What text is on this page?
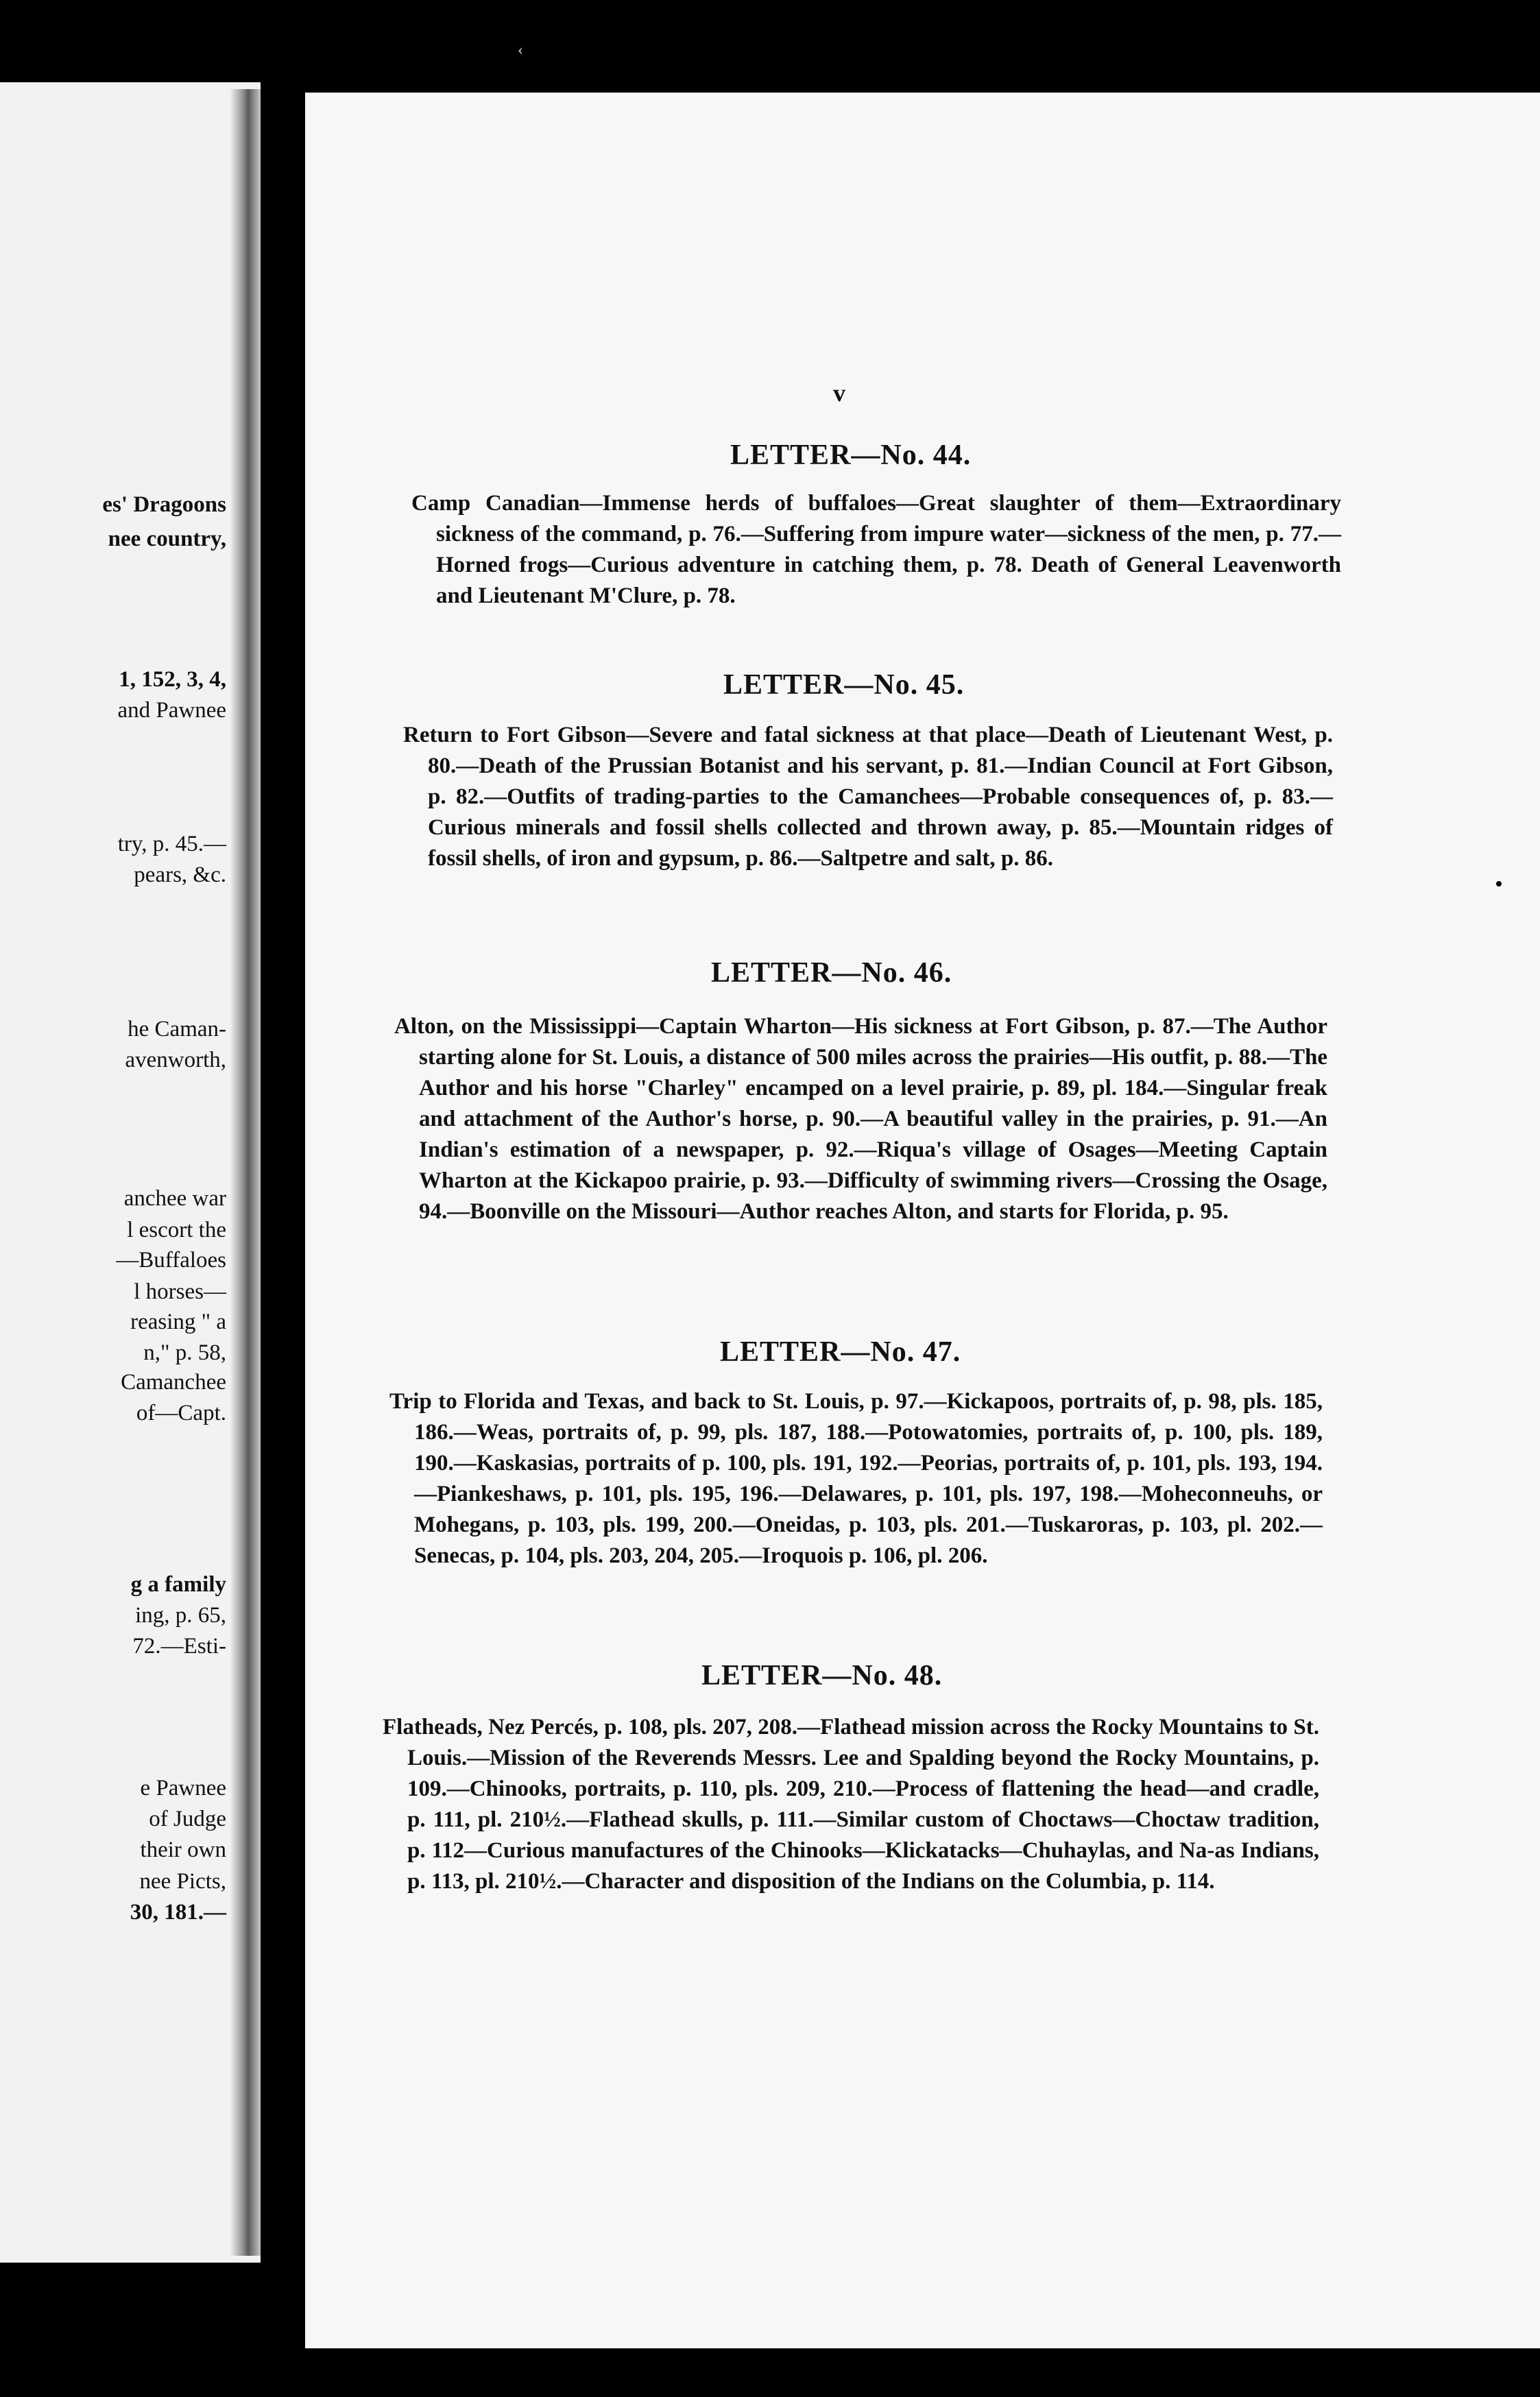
es' Dragoons
nee country,
1, 152, 3, 4,
and Pawnee
try, p. 45.—
pears, &c.
he Caman-
avenworth,
anchee war
l escort the
—Buffaloes
l horses—
reasing " a
n," p. 58,
Camanchee
of—Capt.
g a family
ing, p. 65,
72.—Esti-
e Pawnee
of Judge
their own
nee Picts,
30, 181.—
‹
v
LETTER—No. 44.
Camp Canadian—Immense herds of buffaloes—Great slaughter of them—Extraordinary sickness of the command, p. 76.—Suffering from impure water—sickness of the men, p. 77.—Horned frogs—Curious adventure in catching them, p. 78. Death of General Leavenworth and Lieutenant M'Clure, p. 78.
LETTER—No. 45.
Return to Fort Gibson—Severe and fatal sickness at that place—Death of Lieutenant West, p. 80.—Death of the Prussian Botanist and his servant, p. 81.—Indian Council at Fort Gibson, p. 82.—Outfits of trading-parties to the Camanchees—Probable consequences of, p. 83.—Curious minerals and fossil shells collected and thrown away, p. 85.—Mountain ridges of fossil shells, of iron and gypsum, p. 86.—Saltpetre and salt, p. 86.
LETTER—No. 46.
Alton, on the Mississippi—Captain Wharton—His sickness at Fort Gibson, p. 87.—The Author starting alone for St. Louis, a distance of 500 miles across the prairies—His outfit, p. 88.—The Author and his horse "Charley" encamped on a level prairie, p. 89, pl. 184.—Singular freak and attachment of the Author's horse, p. 90.—A beautiful valley in the prairies, p. 91.—An Indian's estimation of a newspaper, p. 92.—Riqua's village of Osages—Meeting Captain Wharton at the Kickapoo prairie, p. 93.—Difficulty of swimming rivers—Crossing the Osage, 94.—Boonville on the Missouri—Author reaches Alton, and starts for Florida, p. 95.
LETTER—No. 47.
Trip to Florida and Texas, and back to St. Louis, p. 97.—Kickapoos, portraits of, p. 98, pls. 185, 186.—Weas, portraits of, p. 99, pls. 187, 188.—Potowatomies, portraits of, p. 100, pls. 189, 190.—Kaskasias, portraits of p. 100, pls. 191, 192.—Peorias, portraits of, p. 101, pls. 193, 194.—Piankeshaws, p. 101, pls. 195, 196.—Delawares, p. 101, pls. 197, 198.—Moheconneuhs, or Mohegans, p. 103, pls. 199, 200.—Oneidas, p. 103, pls. 201.—Tuskaroras, p. 103, pl. 202.—Senecas, p. 104, pls. 203, 204, 205.—Iroquois p. 106, pl. 206.
LETTER—No. 48.
Flatheads, Nez Percés, p. 108, pls. 207, 208.—Flathead mission across the Rocky Mountains to St. Louis.—Mission of the Reverends Messrs. Lee and Spalding beyond the Rocky Mountains, p. 109.—Chinooks, portraits, p. 110, pls. 209, 210.—Process of flattening the head—and cradle, p. 111, pl. 210½.—Flathead skulls, p. 111.—Similar custom of Choctaws—Choctaw tradition, p. 112—Curious manufactures of the Chinooks—Klickatacks—Chuhaylas, and Na-as Indians, p. 113, pl. 210½.—Character and disposition of the Indians on the Columbia, p. 114.
